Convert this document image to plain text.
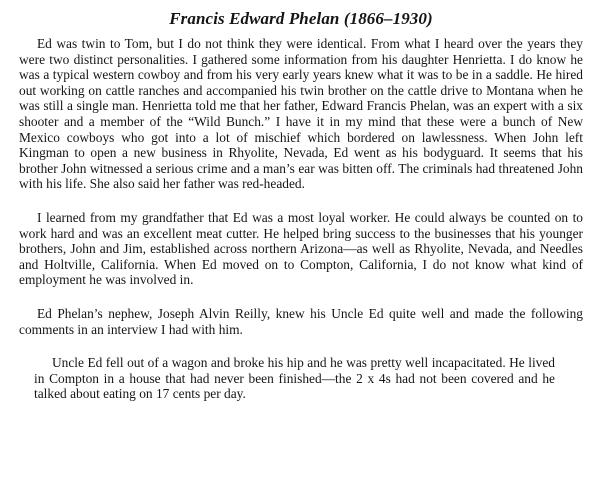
Francis Edward Phelan (1866–1930)

Ed was twin to Tom, but I do not think they were identical. From what I heard over the years they were two distinct personalities. I gathered some information from his daughter Henrietta. I do know he was a typical western cowboy and from his very early years knew what it was to be in a saddle. He hired out working on cattle ranches and accompanied his twin brother on the cattle drive to Montana when he was still a single man. Henrietta told me that her father, Edward Francis Phelan, was an expert with a six shooter and a member of the “Wild Bunch.” I have it in my mind that these were a bunch of New Mexico cowboys who got into a lot of mischief which bordered on lawlessness. When John left Kingman to open a new business in Rhyolite, Nevada, Ed went as his bodyguard. It seems that his brother John witnessed a serious crime and a man’s ear was bitten off. The criminals had threatened John with his life. She also said her father was red-headed.

I learned from my grandfather that Ed was a most loyal worker. He could always be counted on to work hard and was an excellent meat cutter. He helped bring success to the businesses that his younger brothers, John and Jim, established across northern Arizona—as well as Rhyolite, Nevada, and Needles and Holtville, California. When Ed moved on to Compton, California, I do not know what kind of employment he was involved in.

Ed Phelan’s nephew, Joseph Alvin Reilly, knew his Uncle Ed quite well and made the following comments in an interview I had with him.

Uncle Ed fell out of a wagon and broke his hip and he was pretty well incapacitated. He lived in Compton in a house that had never been finished—the 2 x 4s had not been covered and he talked about eating on 17 cents per day.
